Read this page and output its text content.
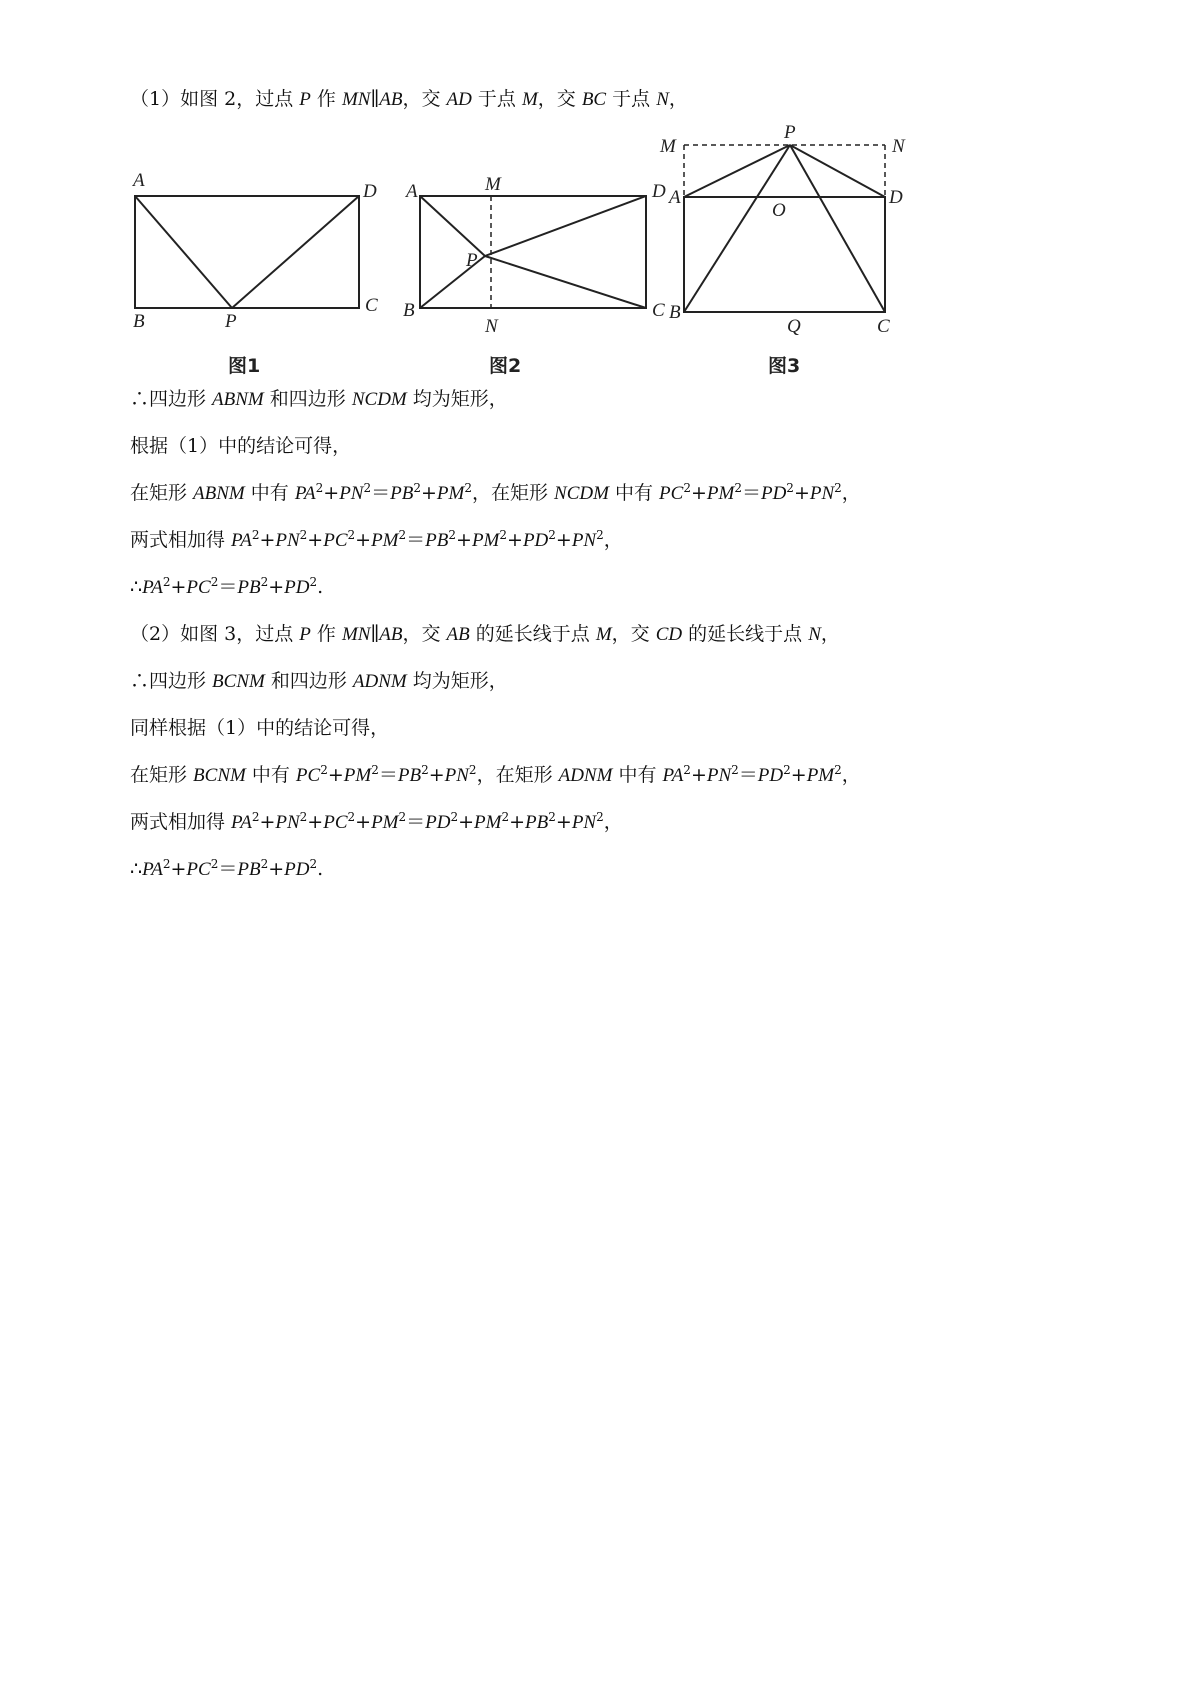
（1）如图 2，过点 P 作 MN∥AB，交 AD 于点 M，交 BC 于点 N，
A
B
C
D
P
图1
A
B	C
D
P
M
N
图2
M
P
N
A	D
O
B
C
Q
图3
∴四边形 ABNM 和四边形 NCDM 均为矩形，
根据（1）中的结论可得，
在矩形 ABNM 中有 $PA^2+PN^2=PB^2+PM^2$，在矩形 NCDM 中有 $PC^2+PM^2=PD^2+PN^2$，
两式相加得 $PA^2+PN^2+PC^2+PM^2=PB^2+PM^2+PD^2+PN^2$，
$\therefore PA^2+PC^2=PB^2+PD^2$.
（2）如图 3，过点 P 作 MN∥AB，交 AB 的延长线于点 M，交 CD 的延长线于点 N，
∴四边形 BCNM 和四边形 ADNM 均为矩形，
同样根据（1）中的结论可得，
在矩形 BCNM 中有 $PC^2+PM^2=PB^2+PN^2$，在矩形 ADNM 中有 $PA^2+PN^2=PD^2+PM^2$，
两式相加得 $PA^2+PN^2+PC^2+PM^2=PD^2+PM^2+PB^2+PN^2$，
$\therefore PA^2+PC^2=PB^2+PD^2$.
